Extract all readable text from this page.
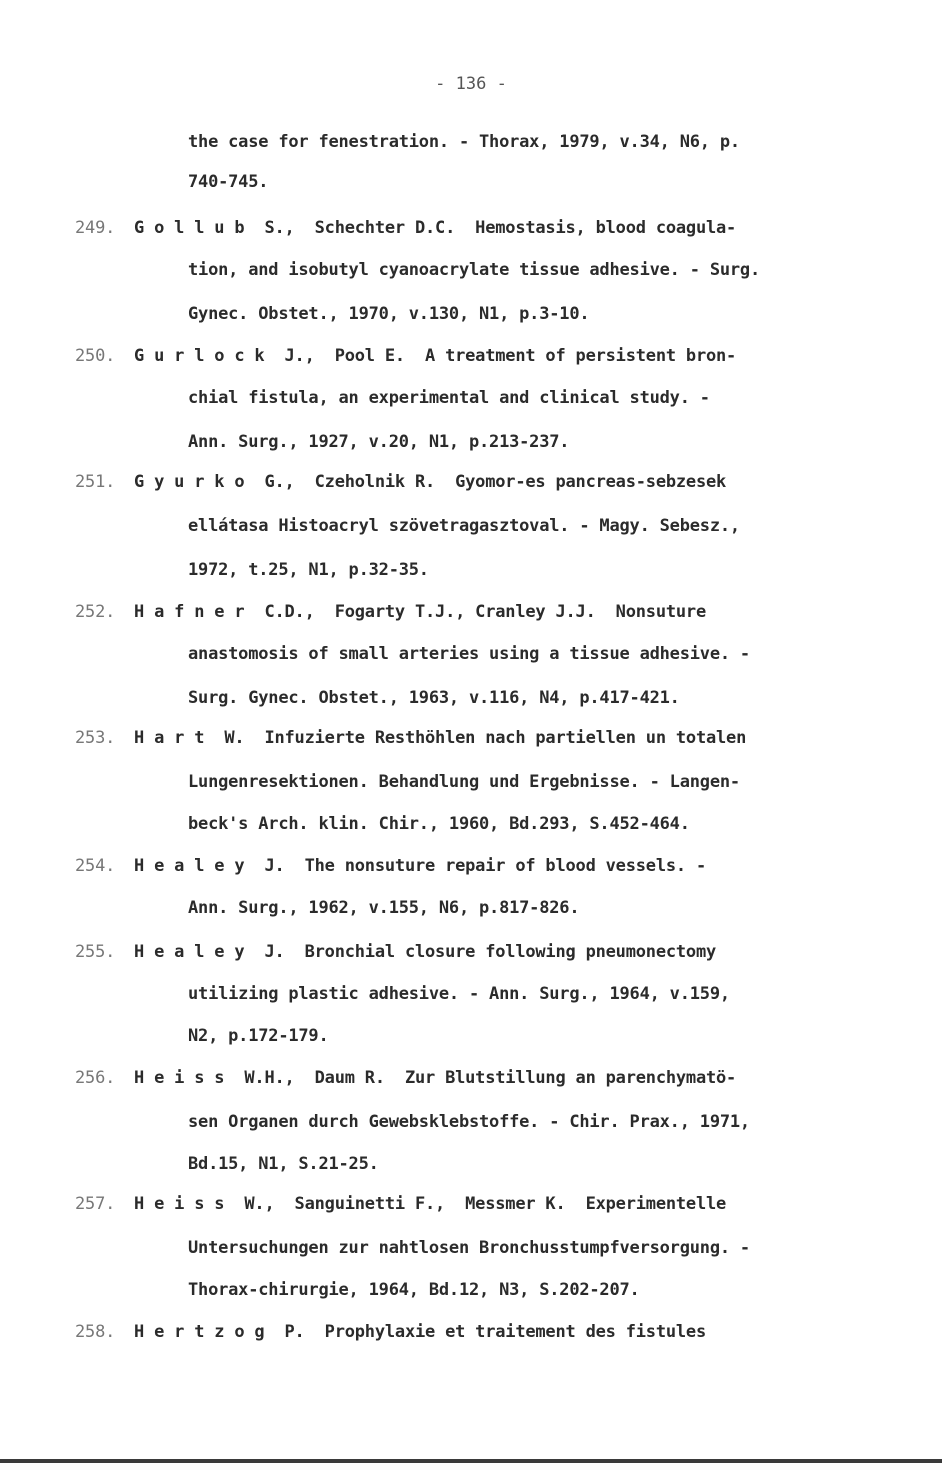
- 136 -
the case for fenestration. - Thorax, 1979, v.34, N6, p.
740-745.
249. G o l l u b  S.,  Schechter D.C.  Hemostasis, blood coagula-
tion, and isobutyl cyanoacrylate tissue adhesive. - Surg.
Gynec. Obstet., 1970, v.130, N1, p.3-10.
250. G u r l o c k  J.,  Pool E.  A treatment of persistent bron-
chial fistula, an experimental and clinical study. -
Ann. Surg., 1927, v.20, N1, p.213-237.
251. G y u r k o  G.,  Czeholnik R.  Gyomor-es pancreas-sebzesek
ellátasa Histoacryl szövetragasztoval. - Magy. Sebesz.,
1972, t.25, N1, p.32-35.
252. H a f n e r  C.D.,  Fogarty T.J., Cranley J.J.  Nonsuture
anastomosis of small arteries using a tissue adhesive. -
Surg. Gynec. Obstet., 1963, v.116, N4, p.417-421.
253. H a r t  W.  Infuzierte Resthöhlen nach partiellen un totalen
Lungenresektionen. Behandlung und Ergebnisse. - Langen-
beck's Arch. klin. Chir., 1960, Bd.293, S.452-464.
254. H e a l e y  J.  The nonsuture repair of blood vessels. -
Ann. Surg., 1962, v.155, N6, p.817-826.
255. H e a l e y  J.  Bronchial closure following pneumonectomy
utilizing plastic adhesive. - Ann. Surg., 1964, v.159,
N2, p.172-179.
256. H e i s s  W.H.,  Daum R.  Zur Blutstillung an parenchymatö-
sen Organen durch Gewebsklebstoffe. - Chir. Prax., 1971,
Bd.15, N1, S.21-25.
257. H e i s s  W.,  Sanguinetti F.,  Messmer K.  Experimentelle
Untersuchungen zur nahtlosen Bronchusstumpfversorgung. -
Thorax-chirurgie, 1964, Bd.12, N3, S.202-207.
258. H e r t z o g  P.  Prophylaxie et traitement des fistules
